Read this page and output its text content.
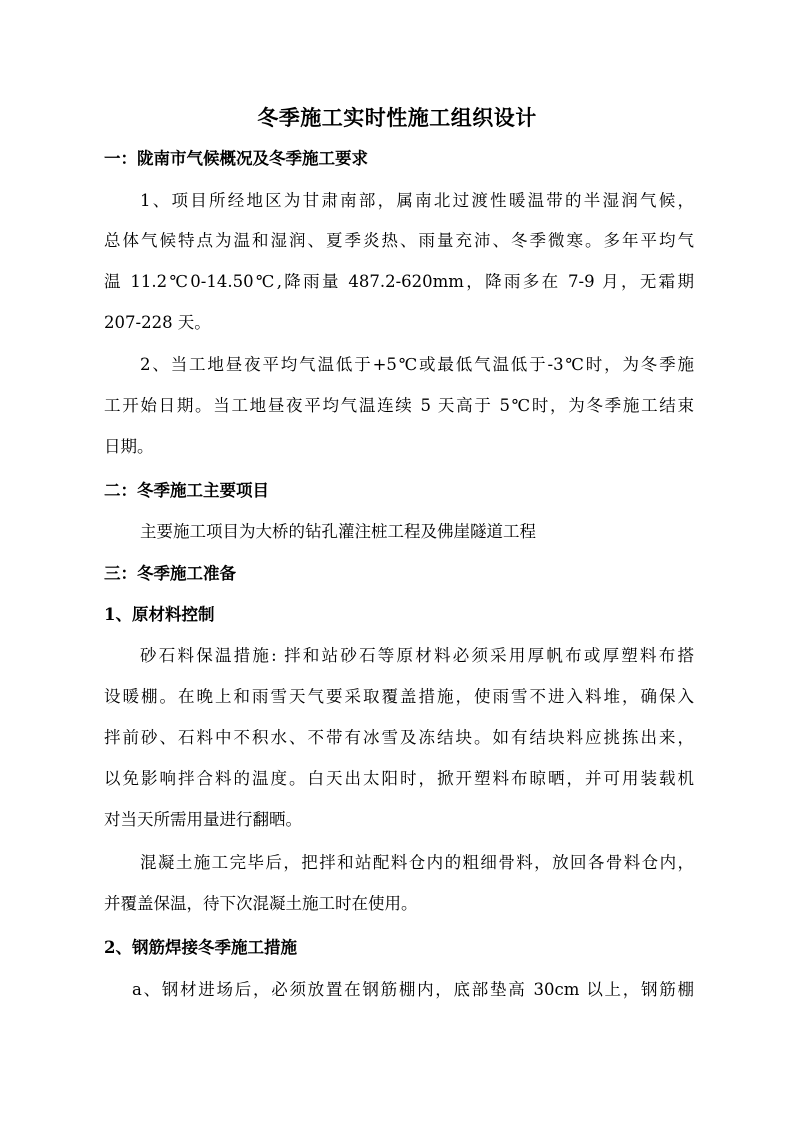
冬季施工实时性施工组织设计
一：陇南市气候概况及冬季施工要求
1、项目所经地区为甘肃南部，属南北过渡性暖温带的半湿润气候，
总体气候特点为温和湿润、夏季炎热、雨量充沛、冬季微寒。多年平均气
温 11.2℃0-14.50℃,降雨量 487.2-620mm，降雨多在 7-9 月，无霜期
207-228 天。
2、当工地昼夜平均气温低于+5℃或最低气温低于-3℃时，为冬季施
工开始日期。当工地昼夜平均气温连续 5 天高于 5℃时，为冬季施工结束
日期。
二：冬季施工主要项目
主要施工项目为大桥的钻孔灌注桩工程及佛崖隧道工程
三：冬季施工准备
1、原材料控制
砂石料保温措施: 拌和站砂石等原材料必须采用厚帆布或厚塑料布搭
设暖棚。在晚上和雨雪天气要采取覆盖措施，使雨雪不进入料堆，确保入
拌前砂、石料中不积水、不带有冰雪及冻结块。如有结块料应挑拣出来，
以免影响拌合料的温度。白天出太阳时，掀开塑料布晾晒，并可用装载机
对当天所需用量进行翻晒。
混凝土施工完毕后，把拌和站配料仓内的粗细骨料，放回各骨料仓内，
并覆盖保温，待下次混凝土施工时在使用。
2、钢筋焊接冬季施工措施
a、钢材进场后，必须放置在钢筋棚内，底部垫高 30cm 以上，钢筋棚
